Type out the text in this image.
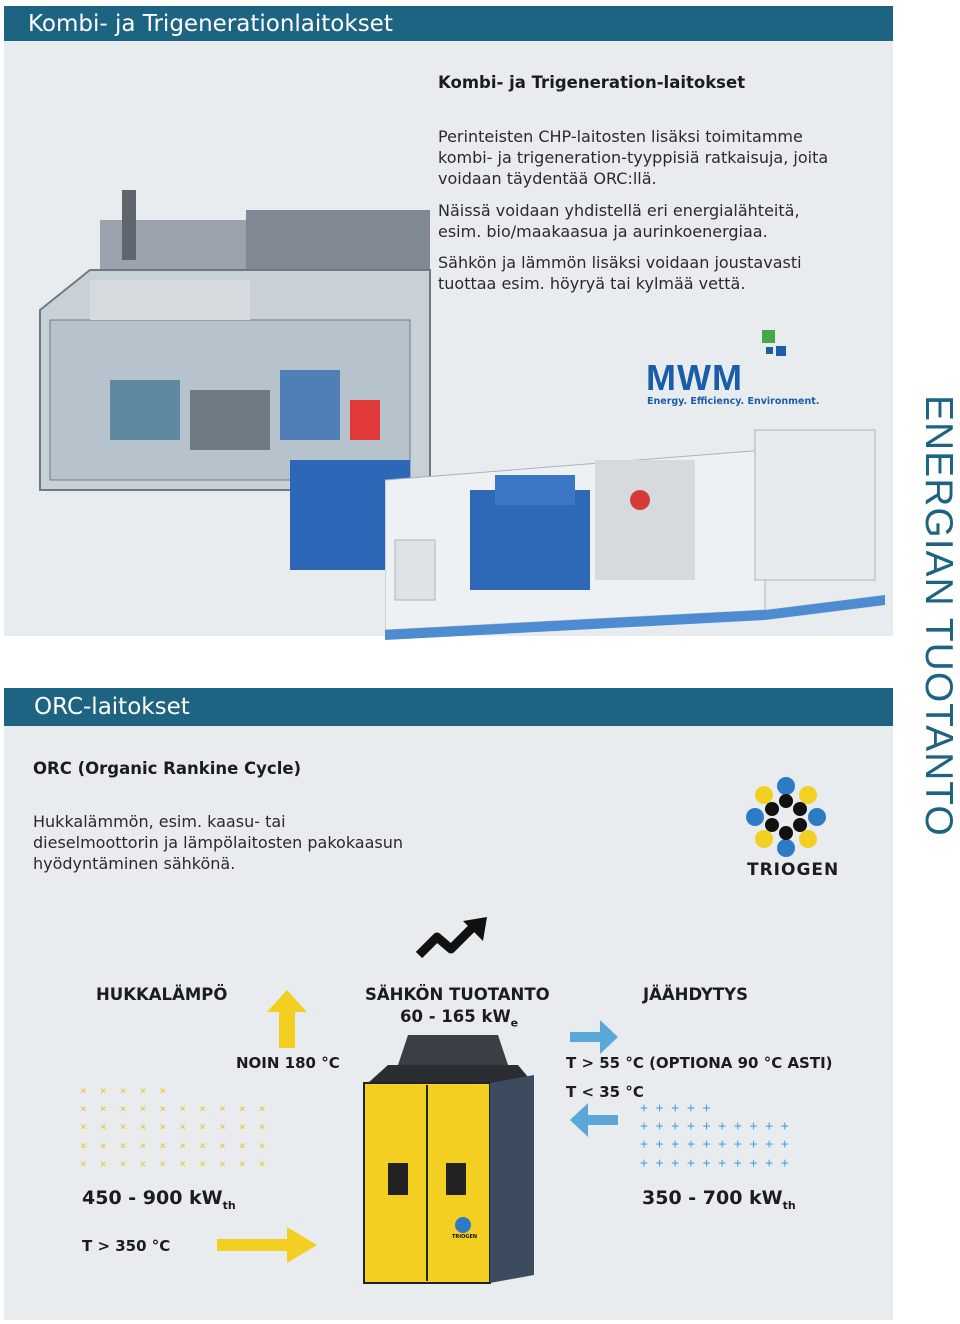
Kombi- ja Trigenerationlaitokset
Kombi- ja Trigeneration-laitokset

Perinteisten CHP-laitosten lisäksi toimitamme kombi- ja trigeneration-tyyppisiä ratkaisuja, joita voidaan täydentää ORC:llä.

Näissä voidaan yhdistellä eri energialähteitä, esim. bio/maakaasua ja aurinkoenergiaa.

Sähkön ja lämmön lisäksi voidaan joustavasti tuottaa esim. höyryä tai kylmää vettä.

MWM
Energy. Efficiency. Environment.	ENERGIAN TUOTANTO
ORC-laitokset
ORC (Organic Rankine Cycle)

Hukkalämmön, esim. kaasu- tai dieselmoottorin ja lämpölaitosten pakokaasun hyödyntäminen sähkönä.	TRIOGEN
HUKKALÄMPÖ	SÄHKÖN TUOTANTO
60 - 165 $kW_e$
JÄÄHDYTYS
NOIN 180 °C	T > 55 °C (OPTIONA 90 °C ASTI)
T < 35 °C
×  ×  ×  ×  ×
×  ×  ×  ×  ×  ×  ×  ×  ×  ×
×  ×  ×  ×  ×  ×  ×  ×  ×  ×
×  ×  ×  ×  ×  ×  ×  ×  ×  ×
×  ×  ×  ×  ×  ×  ×  ×  ×  ×
+ + + + +
+ + + + + + + + + +
+ + + + + + + + + +
+ + + + + + + + + +
450 - 900 $kW_{th}$	350 - 700 $kW_{th}$
T > 350 °C	TRIOGEN
